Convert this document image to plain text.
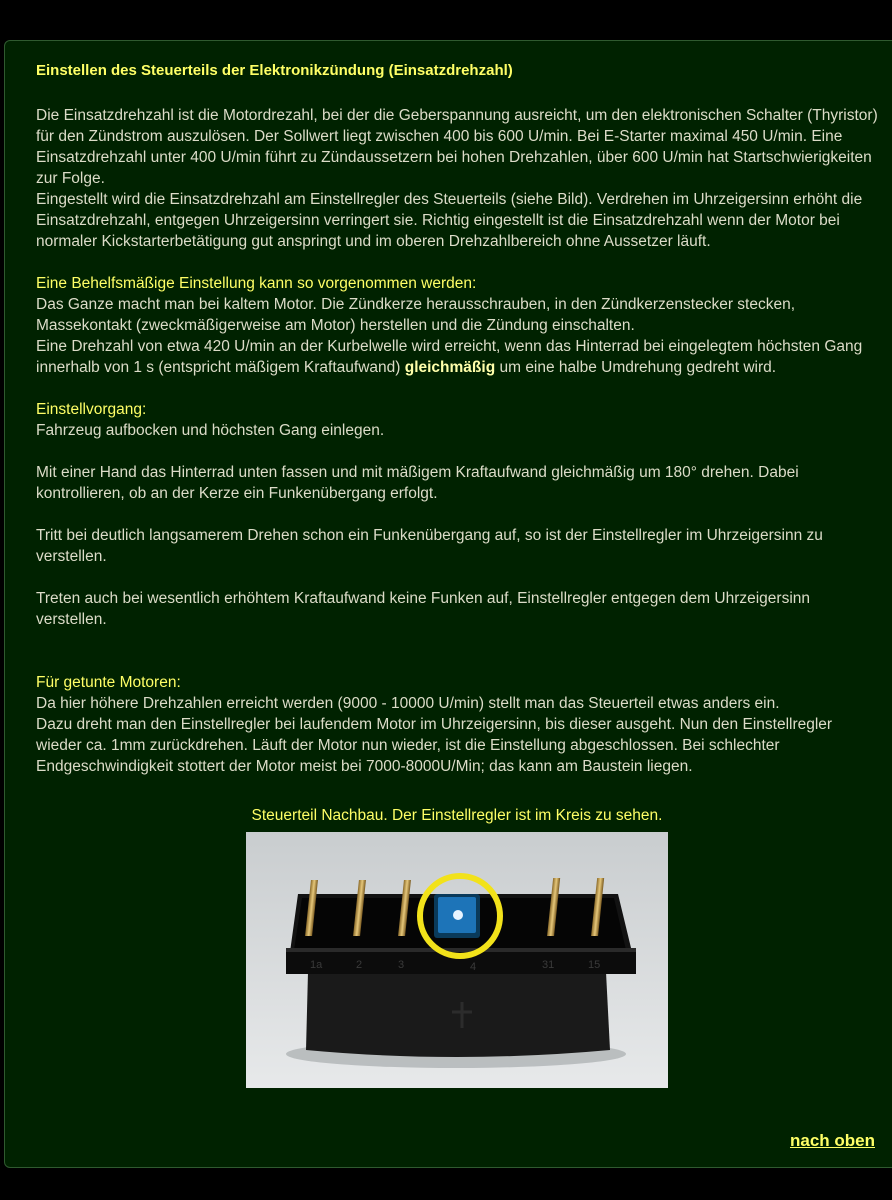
Einstellen des Steuerteils der Elektronikzündung (Einsatzdrehzahl)

Die Einsatzdrehzahl ist die Motordrezahl, bei der die Geberspannung ausreicht, um den elektronischen Schalter (Thyristor) für den Zündstrom auszulösen. Der Sollwert liegt zwischen 400 bis 600 U/min. Bei E-Starter maximal 450 U/min. Eine Einsatzdrehzahl unter 400 U/min führt zu Zündaussetzern bei hohen Drehzahlen, über 600 U/min hat Startschwierigkeiten zur Folge.
Eingestellt wird die Einsatzdrehzahl am Einstellregler des Steuerteils (siehe Bild). Verdrehen im Uhrzeigersinn erhöht die Einsatzdrehzahl, entgegen Uhrzeigersinn verringert sie. Richtig eingestellt ist die Einsatzdrehzahl wenn der Motor bei normaler Kickstarterbetätigung gut anspringt und im oberen Drehzahlbereich ohne Aussetzer läuft.

Eine Behelfsmäßige Einstellung kann so vorgenommen werden:
Das Ganze macht man bei kaltem Motor. Die Zündkerze herausschrauben, in den Zündkerzenstecker stecken, Massekontakt (zweckmäßigerweise am Motor) herstellen und die Zündung einschalten.
Eine Drehzahl von etwa 420 U/min an der Kurbelwelle wird erreicht, wenn das Hinterrad bei eingelegtem höchsten Gang innerhalb von 1 s (entspricht mäßigem Kraftaufwand) gleichmäßig um eine halbe Umdrehung gedreht wird.

Einstellvorgang:
Fahrzeug aufbocken und höchsten Gang einlegen.

Mit einer Hand das Hinterrad unten fassen und mit mäßigem Kraftaufwand gleichmäßig um 180° drehen. Dabei kontrollieren, ob an der Kerze ein Funkenübergang erfolgt.

Tritt bei deutlich langsamerem Drehen schon ein Funkenübergang auf, so ist der Einstellregler im Uhrzeigersinn zu verstellen.

Treten auch bei wesentlich erhöhtem Kraftaufwand keine Funken auf, Einstellregler entgegen dem Uhrzeigersinn verstellen.

Für getunte Motoren:
Da hier höhere Drehzahlen erreicht werden (9000 - 10000 U/min) stellt man das Steuerteil etwas anders ein.
Dazu dreht man den Einstellregler bei laufendem Motor im Uhrzeigersinn, bis dieser ausgeht. Nun den Einstellregler wieder ca. 1mm zurückdrehen. Läuft der Motor nun wieder, ist die Einstellung abgeschlossen. Bei schlechter Endgeschwindigkeit stottert der Motor meist bei 7000-8000U/Min; das kann am Baustein liegen.

Steuerteil Nachbau. Der Einstellregler ist im Kreis zu sehen.
1a	2	3	4	31	15
nach oben
